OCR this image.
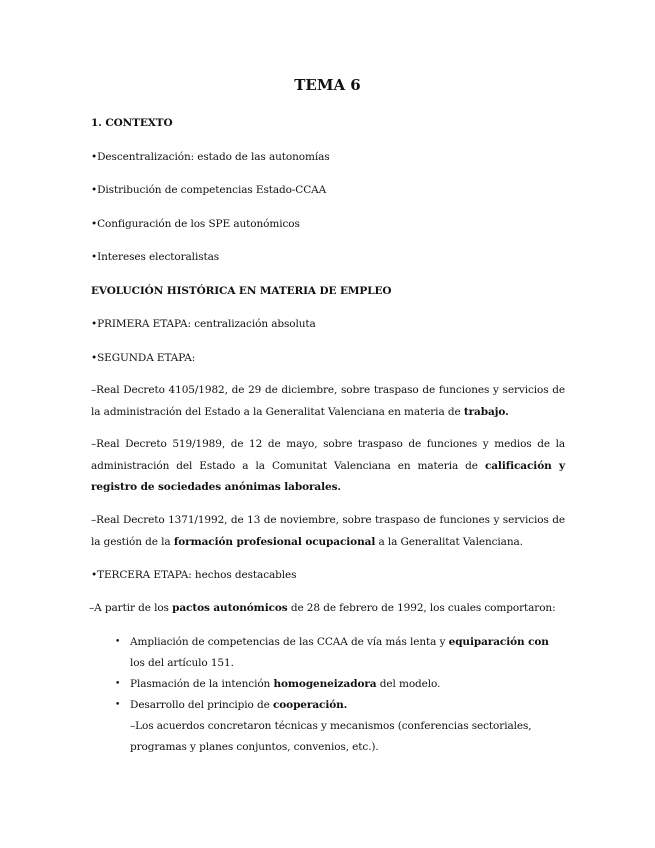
TEMA 6
1. CONTEXTO
•Descentralización: estado de las autonomías
•Distribución de competencias Estado-CCAA
•Configuración de los SPE autonómicos
•Intereses electoralistas
EVOLUCIÓN HISTÓRICA EN MATERIA DE EMPLEO
•PRIMERA ETAPA: centralización absoluta
•SEGUNDA ETAPA:
–Real Decreto 4105/1982, de 29 de diciembre, sobre traspaso de funciones y servicios de la administración del Estado a la Generalitat Valenciana en materia de trabajo.
–Real Decreto 519/1989, de 12 de mayo, sobre traspaso de funciones y medios de la administración del Estado a la Comunitat Valenciana en materia de calificación y registro de sociedades anónimas laborales.
–Real Decreto 1371/1992, de 13 de noviembre, sobre traspaso de funciones y servicios de la gestión de la formación profesional ocupacional a la Generalitat Valenciana.
•TERCERA ETAPA: hechos destacables
–A partir de los pactos autonómicos de 28 de febrero de 1992, los cuales comportaron:
• Ampliación de competencias de las CCAA de vía más lenta y equiparación con los del artículo 151.
• Plasmación de la intención homogeneizadora del modelo.
• Desarrollo del principio de cooperación.
–Los acuerdos concretaron técnicas y mecanismos (conferencias sectoriales, programas y planes conjuntos, convenios, etc.).
